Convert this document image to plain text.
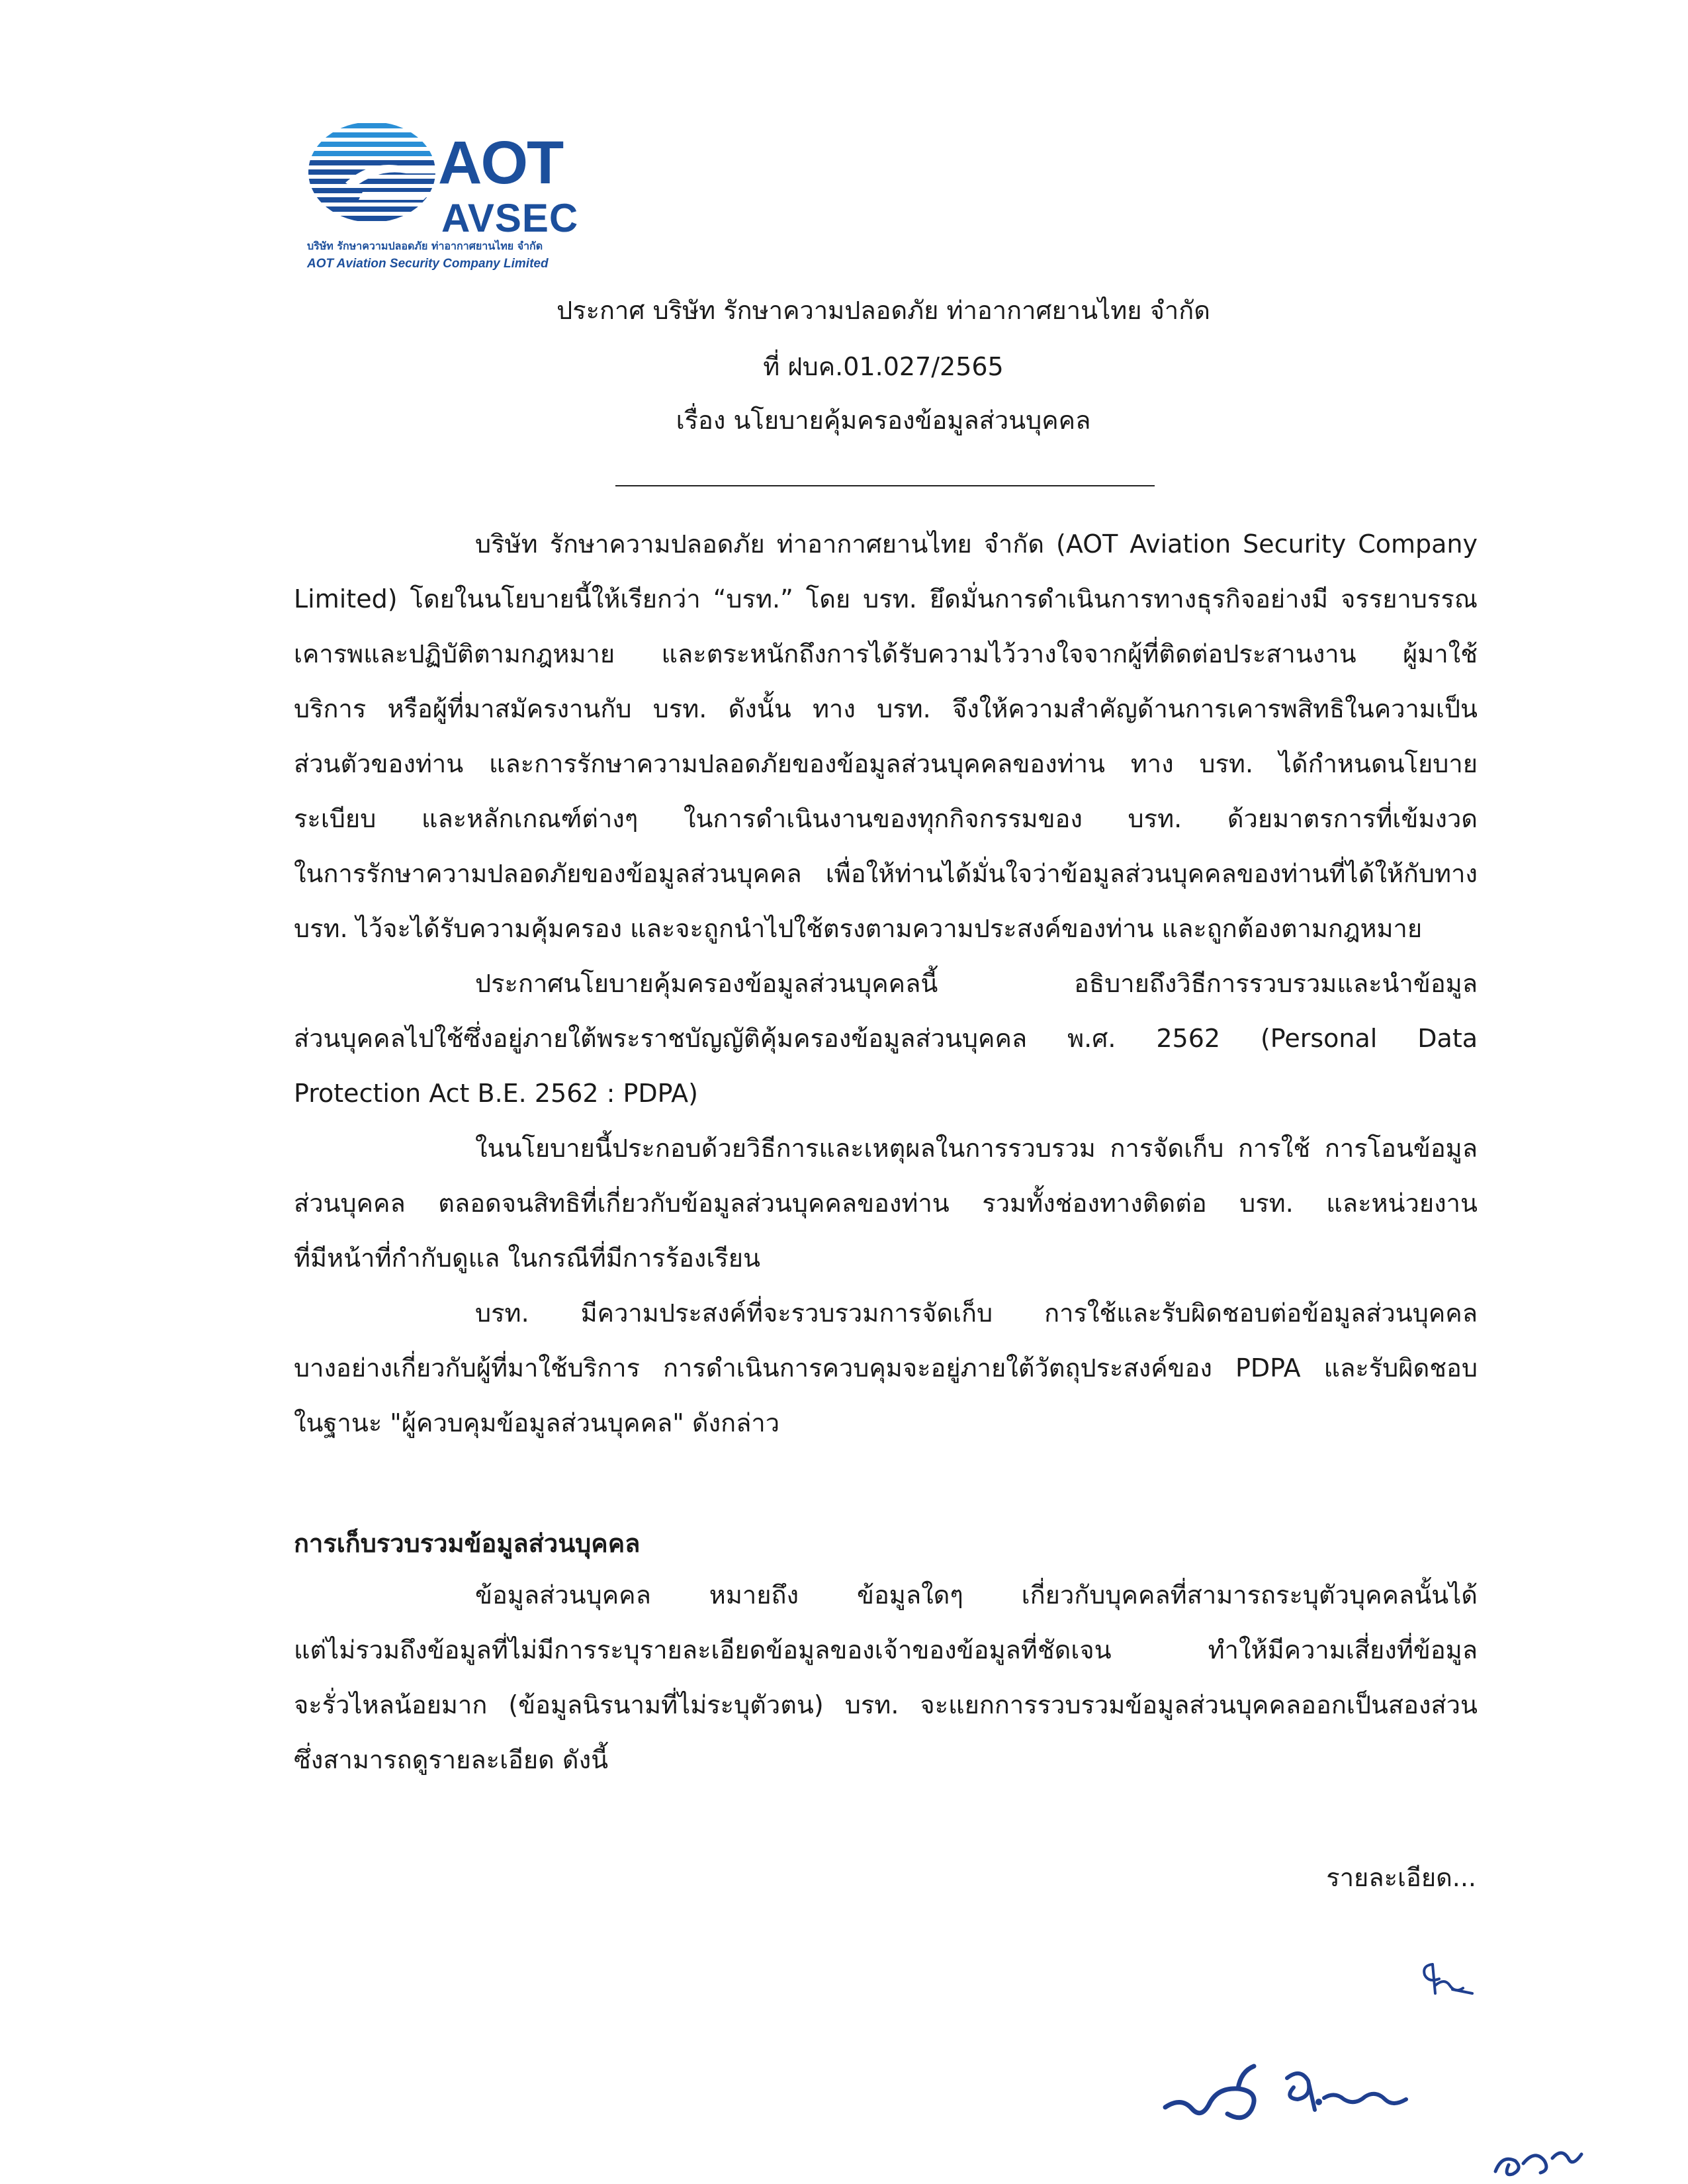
AOT
AVSEC
บริษัท รักษาความปลอดภัย ท่าอากาศยานไทย จำกัด
AOT Aviation Security Company Limited
ประกาศ บริษัท รักษาความปลอดภัย ท่าอากาศยานไทย จำกัด
ที่ ฝบค.01.027/2565
เรื่อง นโยบายคุ้มครองข้อมูลส่วนบุคคล
บริษัท รักษาความปลอดภัย ท่าอากาศยานไทย จำกัด (AOT Aviation Security Company
Limited) โดยในนโยบายนี้ให้เรียกว่า “บรท.” โดย บรท. ยึดมั่นการดำเนินการทางธุรกิจอย่างมี จรรยาบรรณ
เคารพและปฏิบัติตามกฎหมาย และตระหนักถึงการได้รับความไว้วางใจจากผู้ที่ติดต่อประสานงาน ผู้มาใช้
บริการ หรือผู้ที่มาสมัครงานกับ บรท. ดังนั้น ทาง บรท. จึงให้ความสำคัญด้านการเคารพสิทธิในความเป็น
ส่วนตัวของท่าน และการรักษาความปลอดภัยของข้อมูลส่วนบุคคลของท่าน ทาง บรท. ได้กำหนดนโยบาย
ระเบียบ และหลักเกณฑ์ต่างๆ ในการดำเนินงานของทุกกิจกรรมของ บรท. ด้วยมาตรการที่เข้มงวด
ในการรักษาความปลอดภัยของข้อมูลส่วนบุคคล เพื่อให้ท่านได้มั่นใจว่าข้อมูลส่วนบุคคลของท่านที่ได้ให้กับทาง
บรท. ไว้จะได้รับความคุ้มครอง และจะถูกนำไปใช้ตรงตามความประสงค์ของท่าน และถูกต้องตามกฎหมาย
ประกาศนโยบายคุ้มครองข้อมูลส่วนบุคคลนี้ อธิบายถึงวิธีการรวบรวมและนำข้อมูล
ส่วนบุคคลไปใช้ซึ่งอยู่ภายใต้พระราชบัญญัติคุ้มครองข้อมูลส่วนบุคคล พ.ศ. 2562 (Personal Data
Protection Act B.E. 2562 : PDPA)
ในนโยบายนี้ประกอบด้วยวิธีการและเหตุผลในการรวบรวม การจัดเก็บ การใช้ การโอนข้อมูล
ส่วนบุคคล ตลอดจนสิทธิที่เกี่ยวกับข้อมูลส่วนบุคคลของท่าน รวมทั้งช่องทางติดต่อ บรท. และหน่วยงาน
ที่มีหน้าที่กำกับดูแล ในกรณีที่มีการร้องเรียน
บรท. มีความประสงค์ที่จะรวบรวมการจัดเก็บ การใช้และรับผิดชอบต่อข้อมูลส่วนบุคคล
บางอย่างเกี่ยวกับผู้ที่มาใช้บริการ การดำเนินการควบคุมจะอยู่ภายใต้วัตถุประสงค์ของ PDPA และรับผิดชอบ
ในฐานะ "ผู้ควบคุมข้อมูลส่วนบุคคล" ดังกล่าว
การเก็บรวบรวมข้อมูลส่วนบุคคล
ข้อมูลส่วนบุคคล หมายถึง ข้อมูลใดๆ เกี่ยวกับบุคคลที่สามารถระบุตัวบุคคลนั้นได้
แต่ไม่รวมถึงข้อมูลที่ไม่มีการระบุรายละเอียดข้อมูลของเจ้าของข้อมูลที่ชัดเจน ทำให้มีความเสี่ยงที่ข้อมูล
จะรั่วไหลน้อยมาก (ข้อมูลนิรนามที่ไม่ระบุตัวตน) บรท. จะแยกการรวบรวมข้อมูลส่วนบุคคลออกเป็นสองส่วน
ซึ่งสามารถดูรายละเอียด ดังนี้
รายละเอียด...
